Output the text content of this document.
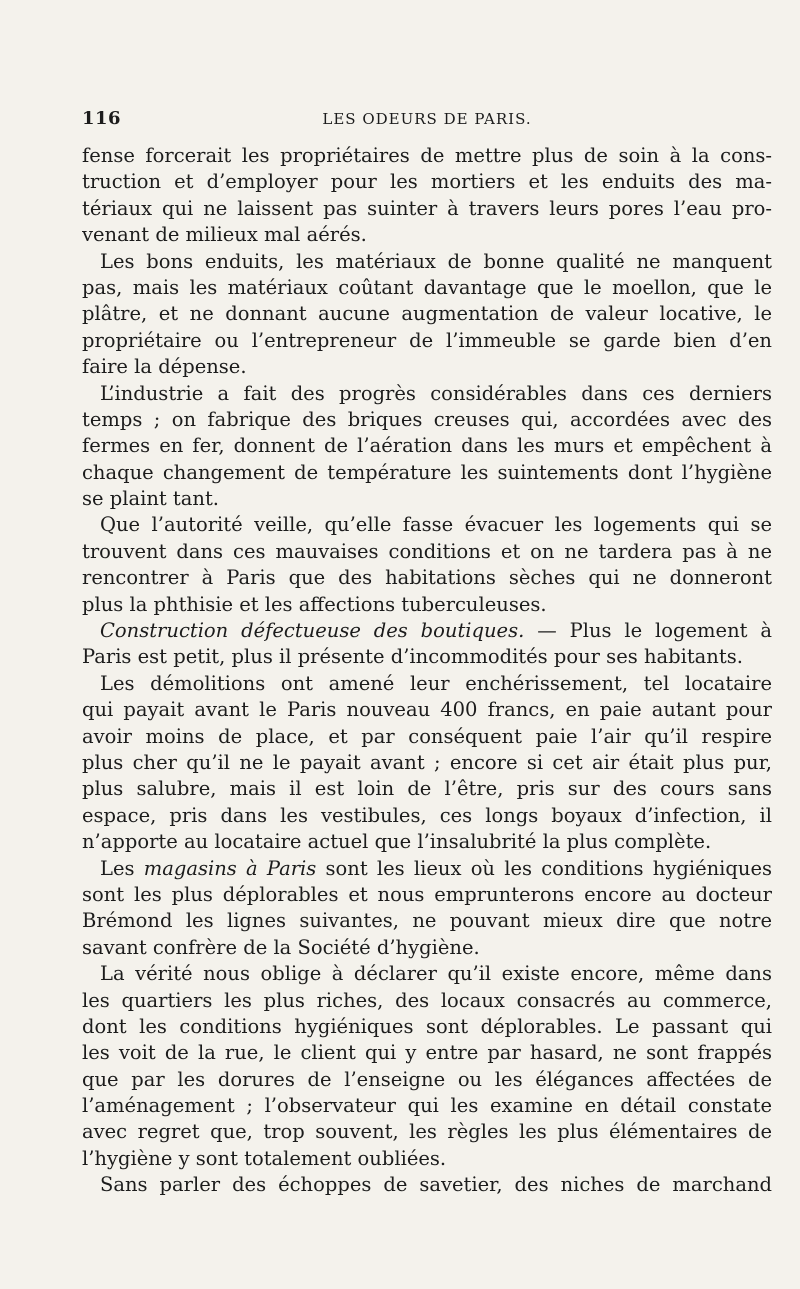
116	LES ODEURS DE PARIS.
fense forcerait les propriétaires de mettre plus de soin à la cons-
truction et d’employer pour les mortiers et les enduits des ma-
tériaux qui ne laissent pas suinter à travers leurs pores l’eau pro-
venant de milieux mal aérés.
Les bons enduits, les matériaux de bonne qualité ne manquent
pas, mais les matériaux coûtant davantage que le moellon, que le
plâtre, et ne donnant aucune augmentation de valeur locative, le
propriétaire ou l’entrepreneur de l’immeuble se garde bien d’en
faire la dépense.
L’industrie a fait des progrès considérables dans ces derniers
temps ; on fabrique des briques creuses qui, accordées avec des
fermes en fer, donnent de l’aération dans les murs et empêchent à
chaque changement de température les suintements dont l’hygiène
se plaint tant.
Que l’autorité veille, qu’elle fasse évacuer les logements qui se
trouvent dans ces mauvaises conditions et on ne tardera pas à ne
rencontrer à Paris que des habitations sèches qui ne donneront
plus la phthisie et les affections tuberculeuses.
Construction défectueuse des boutiques. — Plus le logement à
Paris est petit, plus il présente d’incommodités pour ses habitants.
Les démolitions ont amené leur enchérissement, tel locataire
qui payait avant le Paris nouveau 400 francs, en paie autant pour
avoir moins de place, et par conséquent paie l’air qu’il respire
plus cher qu’il ne le payait avant ; encore si cet air était plus pur,
plus salubre, mais il est loin de l’être, pris sur des cours sans
espace, pris dans les vestibules, ces longs boyaux d’infection, il
n’apporte au locataire actuel que l’insalubrité la plus complète.
Les magasins à Paris sont les lieux où les conditions hygiéniques
sont les plus déplorables et nous emprunterons encore au docteur
Brémond les lignes suivantes, ne pouvant mieux dire que notre
savant confrère de la Société d’hygiène.
La vérité nous oblige à déclarer qu’il existe encore, même dans
les quartiers les plus riches, des locaux consacrés au commerce,
dont les conditions hygiéniques sont déplorables. Le passant qui
les voit de la rue, le client qui y entre par hasard, ne sont frappés
que par les dorures de l’enseigne ou les élégances affectées de
l’aménagement ; l’observateur qui les examine en détail constate
avec regret que, trop souvent, les règles les plus élémentaires de
l’hygiène y sont totalement oubliées.
Sans parler des échoppes de savetier, des niches de marchand
